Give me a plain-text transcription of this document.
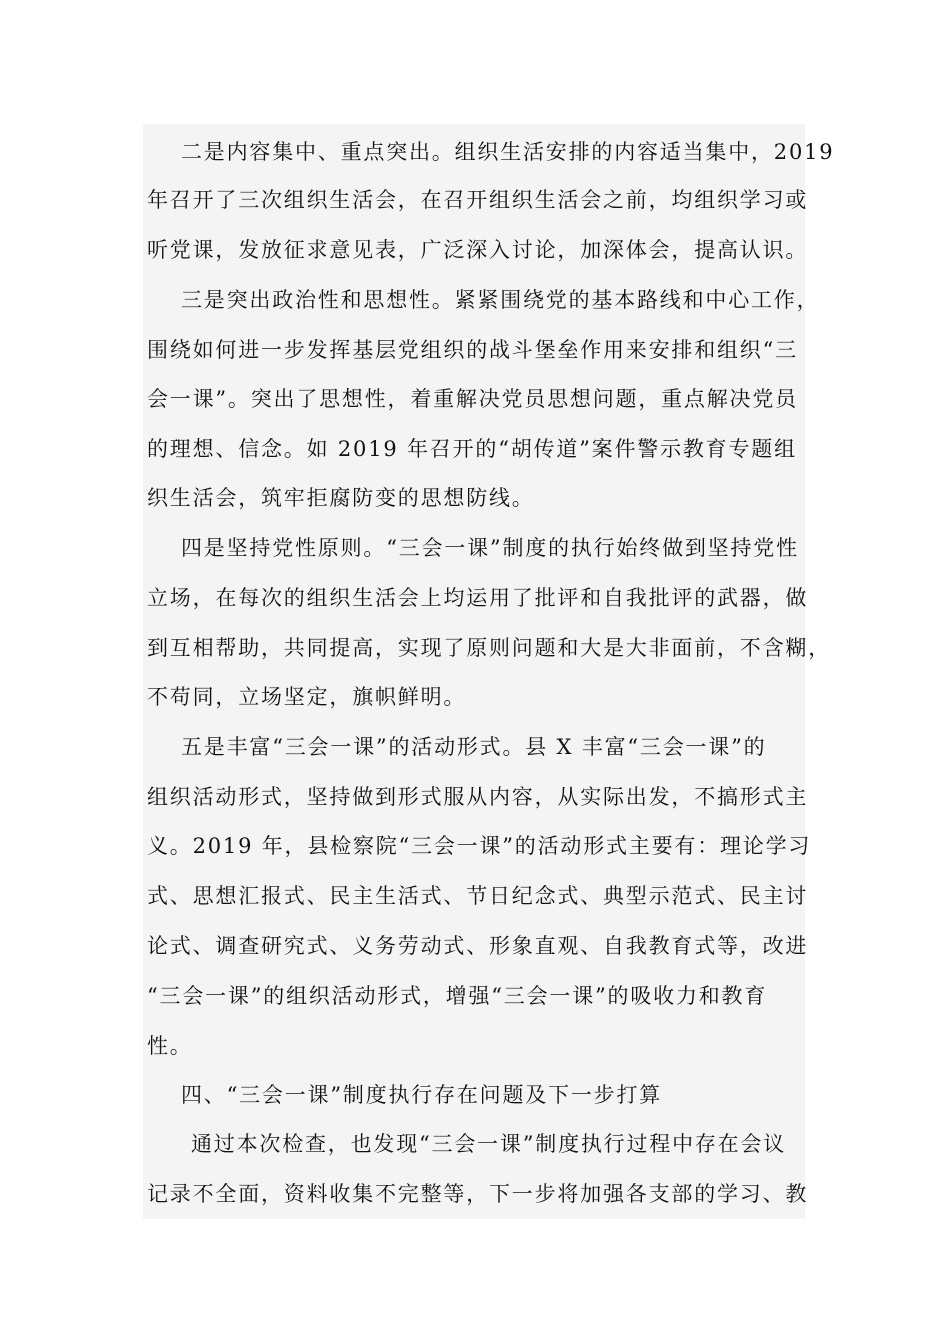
二是内容集中、重点突出。组织生活安排的内容适当集中，2019
年召开了三次组织生活会，在召开组织生活会之前，均组织学习或
听党课，发放征求意见表，广泛深入讨论，加深体会，提高认识。
三是突出政治性和思想性。紧紧围绕党的基本路线和中心工作，
围绕如何进一步发挥基层党组织的战斗堡垒作用来安排和组织“三
会一课”。突出了思想性，着重解决党员思想问题，重点解决党员
的理想、信念。如 2019 年召开的“胡传道”案件警示教育专题组
织生活会，筑牢拒腐防变的思想防线。
四是坚持党性原则。“三会一课”制度的执行始终做到坚持党性
立场，在每次的组织生活会上均运用了批评和自我批评的武器，做
到互相帮助，共同提高，实现了原则问题和大是大非面前，不含糊，
不苟同，立场坚定，旗帜鲜明。
五是丰富“三会一课”的活动形式。县 X 丰富“三会一课”的
组织活动形式，坚持做到形式服从内容，从实际出发，不搞形式主
义。2019 年，县检察院“三会一课”的活动形式主要有：理论学习
式、思想汇报式、民主生活式、节日纪念式、典型示范式、民主讨
论式、调查研究式、义务劳动式、形象直观、自我教育式等，改进
“三会一课”的组织活动形式，增强“三会一课”的吸收力和教育
性。
四、“三会一课”制度执行存在问题及下一步打算
通过本次检查，也发现“三会一课”制度执行过程中存在会议
记录不全面，资料收集不完整等，下一步将加强各支部的学习、教
